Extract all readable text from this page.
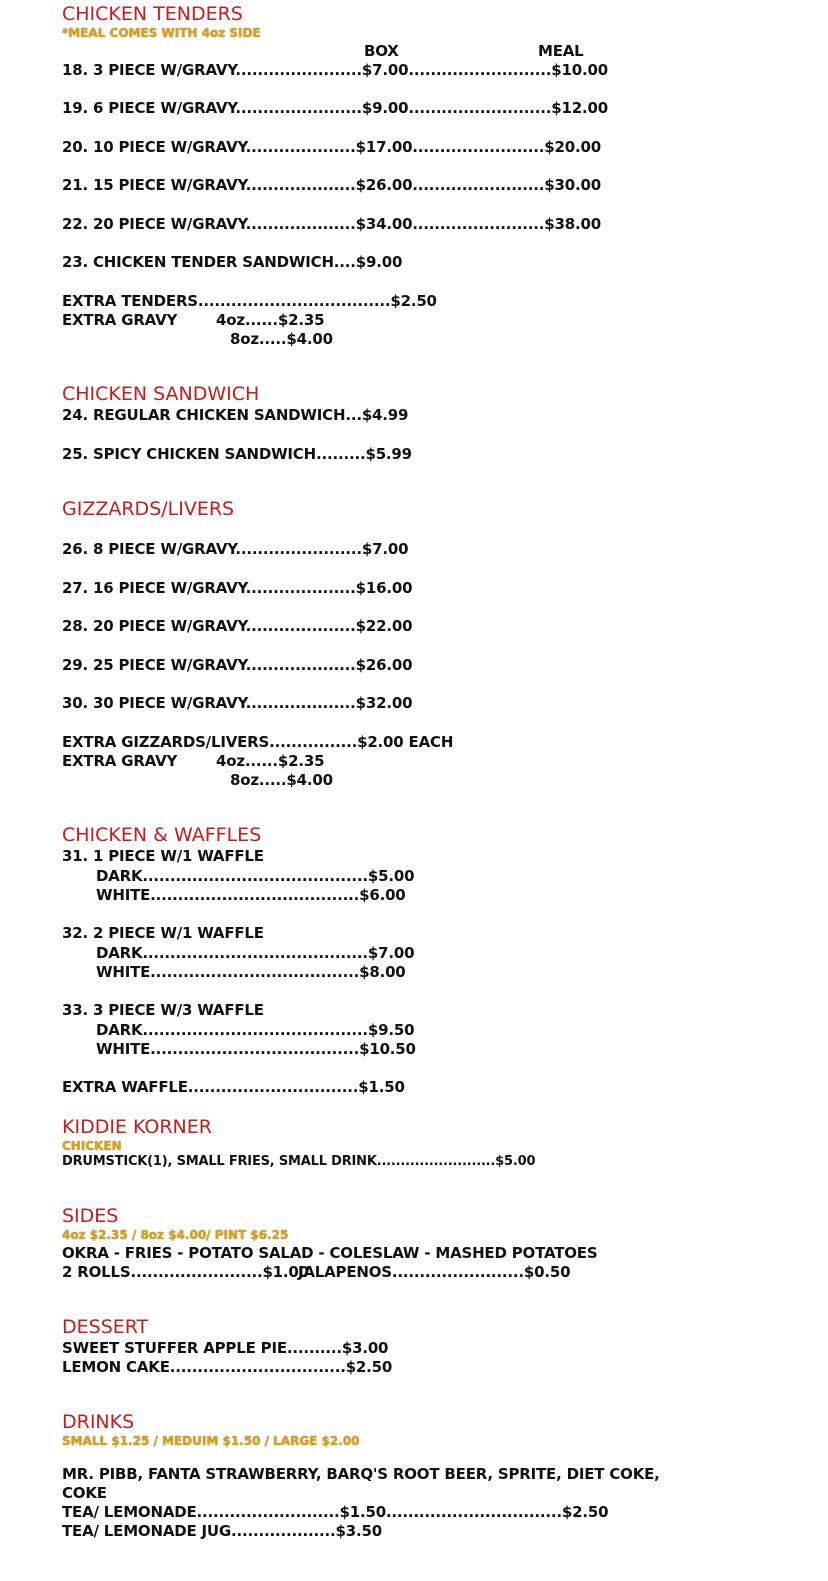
CHICKEN TENDERS
*MEAL COMES WITH 4oz SIDE
BOX	MEAL
18. 3 PIECE W/GRAVY.......................$7.00..........................$10.00
19. 6 PIECE W/GRAVY.......................$9.00..........................$12.00
20. 10 PIECE W/GRAVY....................$17.00........................$20.00
21. 15 PIECE W/GRAVY....................$26.00........................$30.00
22. 20 PIECE W/GRAVY....................$34.00........................$38.00
23. CHICKEN TENDER SANDWICH....$9.00
EXTRA TENDERS...................................$2.50
EXTRA GRAVY	4oz......$2.35
8oz.....$4.00
CHICKEN SANDWICH
24. REGULAR CHICKEN SANDWICH...$4.99
25. SPICY CHICKEN SANDWICH.........$5.99
GIZZARDS/LIVERS
26. 8 PIECE W/GRAVY.......................$7.00
27. 16 PIECE W/GRAVY....................$16.00
28. 20 PIECE W/GRAVY....................$22.00
29. 25 PIECE W/GRAVY....................$26.00
30. 30 PIECE W/GRAVY....................$32.00
EXTRA GIZZARDS/LIVERS................$2.00 EACH
EXTRA GRAVY	4oz......$2.35
8oz.....$4.00
CHICKEN & WAFFLES
31. 1 PIECE W/1 WAFFLE
DARK.........................................$5.00
WHITE......................................$6.00
32. 2 PIECE W/1 WAFFLE
DARK.........................................$7.00
WHITE......................................$8.00
33. 3 PIECE W/3 WAFFLE
DARK.........................................$9.50
WHITE......................................$10.50
EXTRA WAFFLE...............................$1.50
KIDDIE KORNER
CHICKEN
DRUMSTICK(1), SMALL FRIES, SMALL DRINK.........................$5.00
SIDES
4oz $2.35 / 8oz $4.00/ PINT $6.25
OKRA - FRIES - POTATO SALAD - COLESLAW - MASHED POTATOES
2 ROLLS........................$1.00
JALAPENOS........................$0.50
DESSERT
SWEET STUFFER APPLE PIE..........$3.00
LEMON CAKE................................$2.50
DRINKS
SMALL $1.25 / MEDUIM $1.50 / LARGE $2.00
MR. PIBB, FANTA STRAWBERRY, BARQ'S ROOT BEER, SPRITE, DIET COKE,
COKE
TEA/ LEMONADE..........................$1.50................................$2.50
TEA/ LEMONADE JUG...................$3.50
